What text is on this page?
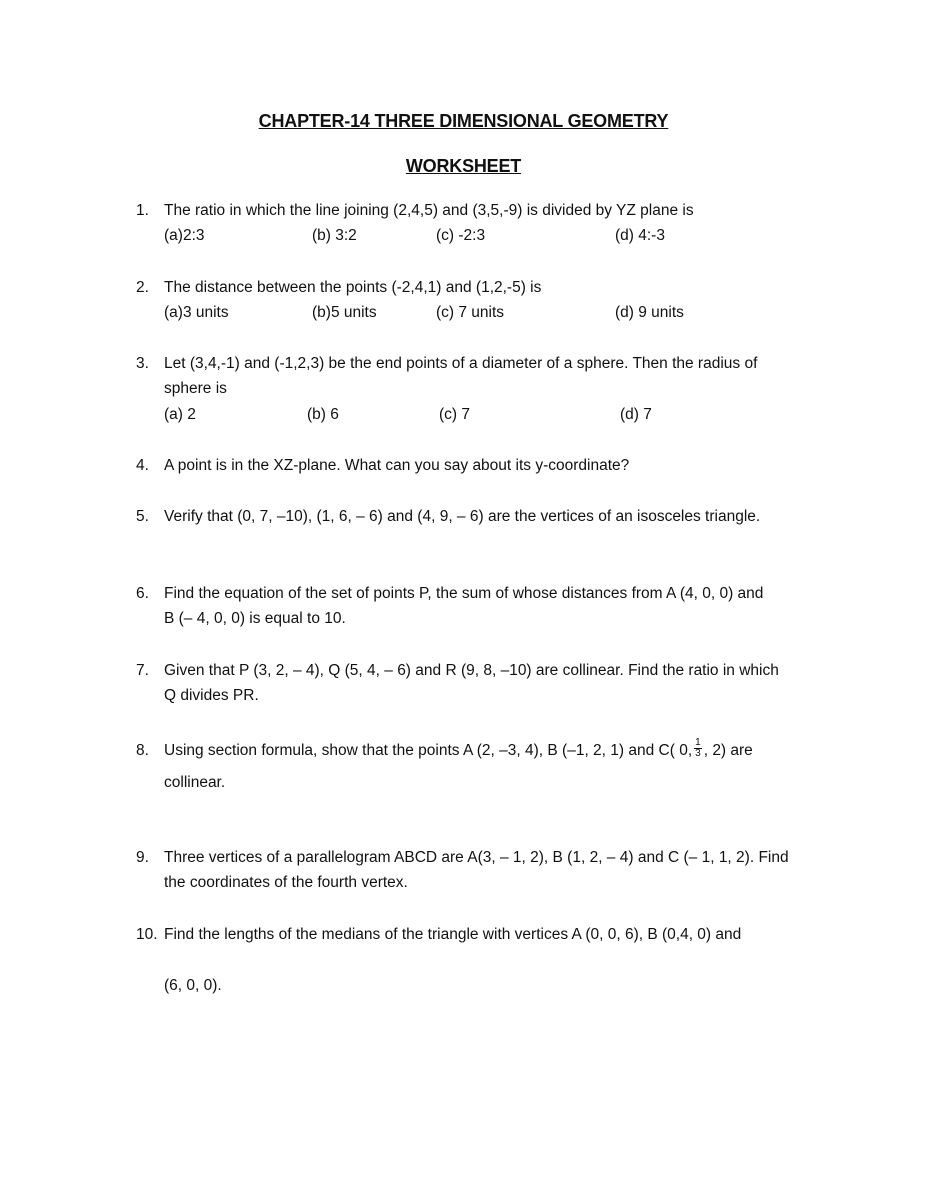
CHAPTER-14 THREE DIMENSIONAL GEOMETRY
WORKSHEET
1. The ratio in which the line joining (2,4,5) and (3,5,-9) is divided by YZ plane is
(a)2:3	(b) 3:2	(c) -2:3	(d) 4:-3
2. The distance between the points (-2,4,1) and (1,2,-5) is
(a)3 units	(b)5 units	(c) 7 units	(d) 9 units
3. Let (3,4,-1) and (-1,2,3) be the end points of a diameter of a sphere. Then the radius of
sphere is
(a) 2	(b) 6	(c) 7	(d) 7
4. A point is in the XZ-plane. What can you say about its y-coordinate?
5. Verify that (0, 7, –10), (1, 6, – 6) and (4, 9, – 6) are the vertices of an isosceles triangle.
6. Find the equation of the set of points P, the sum of whose distances from A (4, 0, 0) and
B (– 4, 0, 0) is equal to 10.
7. Given that P (3, 2, – 4), Q (5, 4, – 6) and R (9, 8, –10) are collinear. Find the ratio in which
Q divides PR.
8. Using section formula, show that the points A (2, –3, 4), B (–1, 2, 1) and C( 0, $\frac{1}{3}$ , 2) are
collinear.
9. Three vertices of a parallelogram ABCD are A(3, – 1, 2), B (1, 2, – 4) and C (– 1, 1, 2). Find
the coordinates of the fourth vertex.
10. Find the lengths of the medians of the triangle with vertices A (0, 0, 6), B (0,4, 0) and
(6, 0, 0).
